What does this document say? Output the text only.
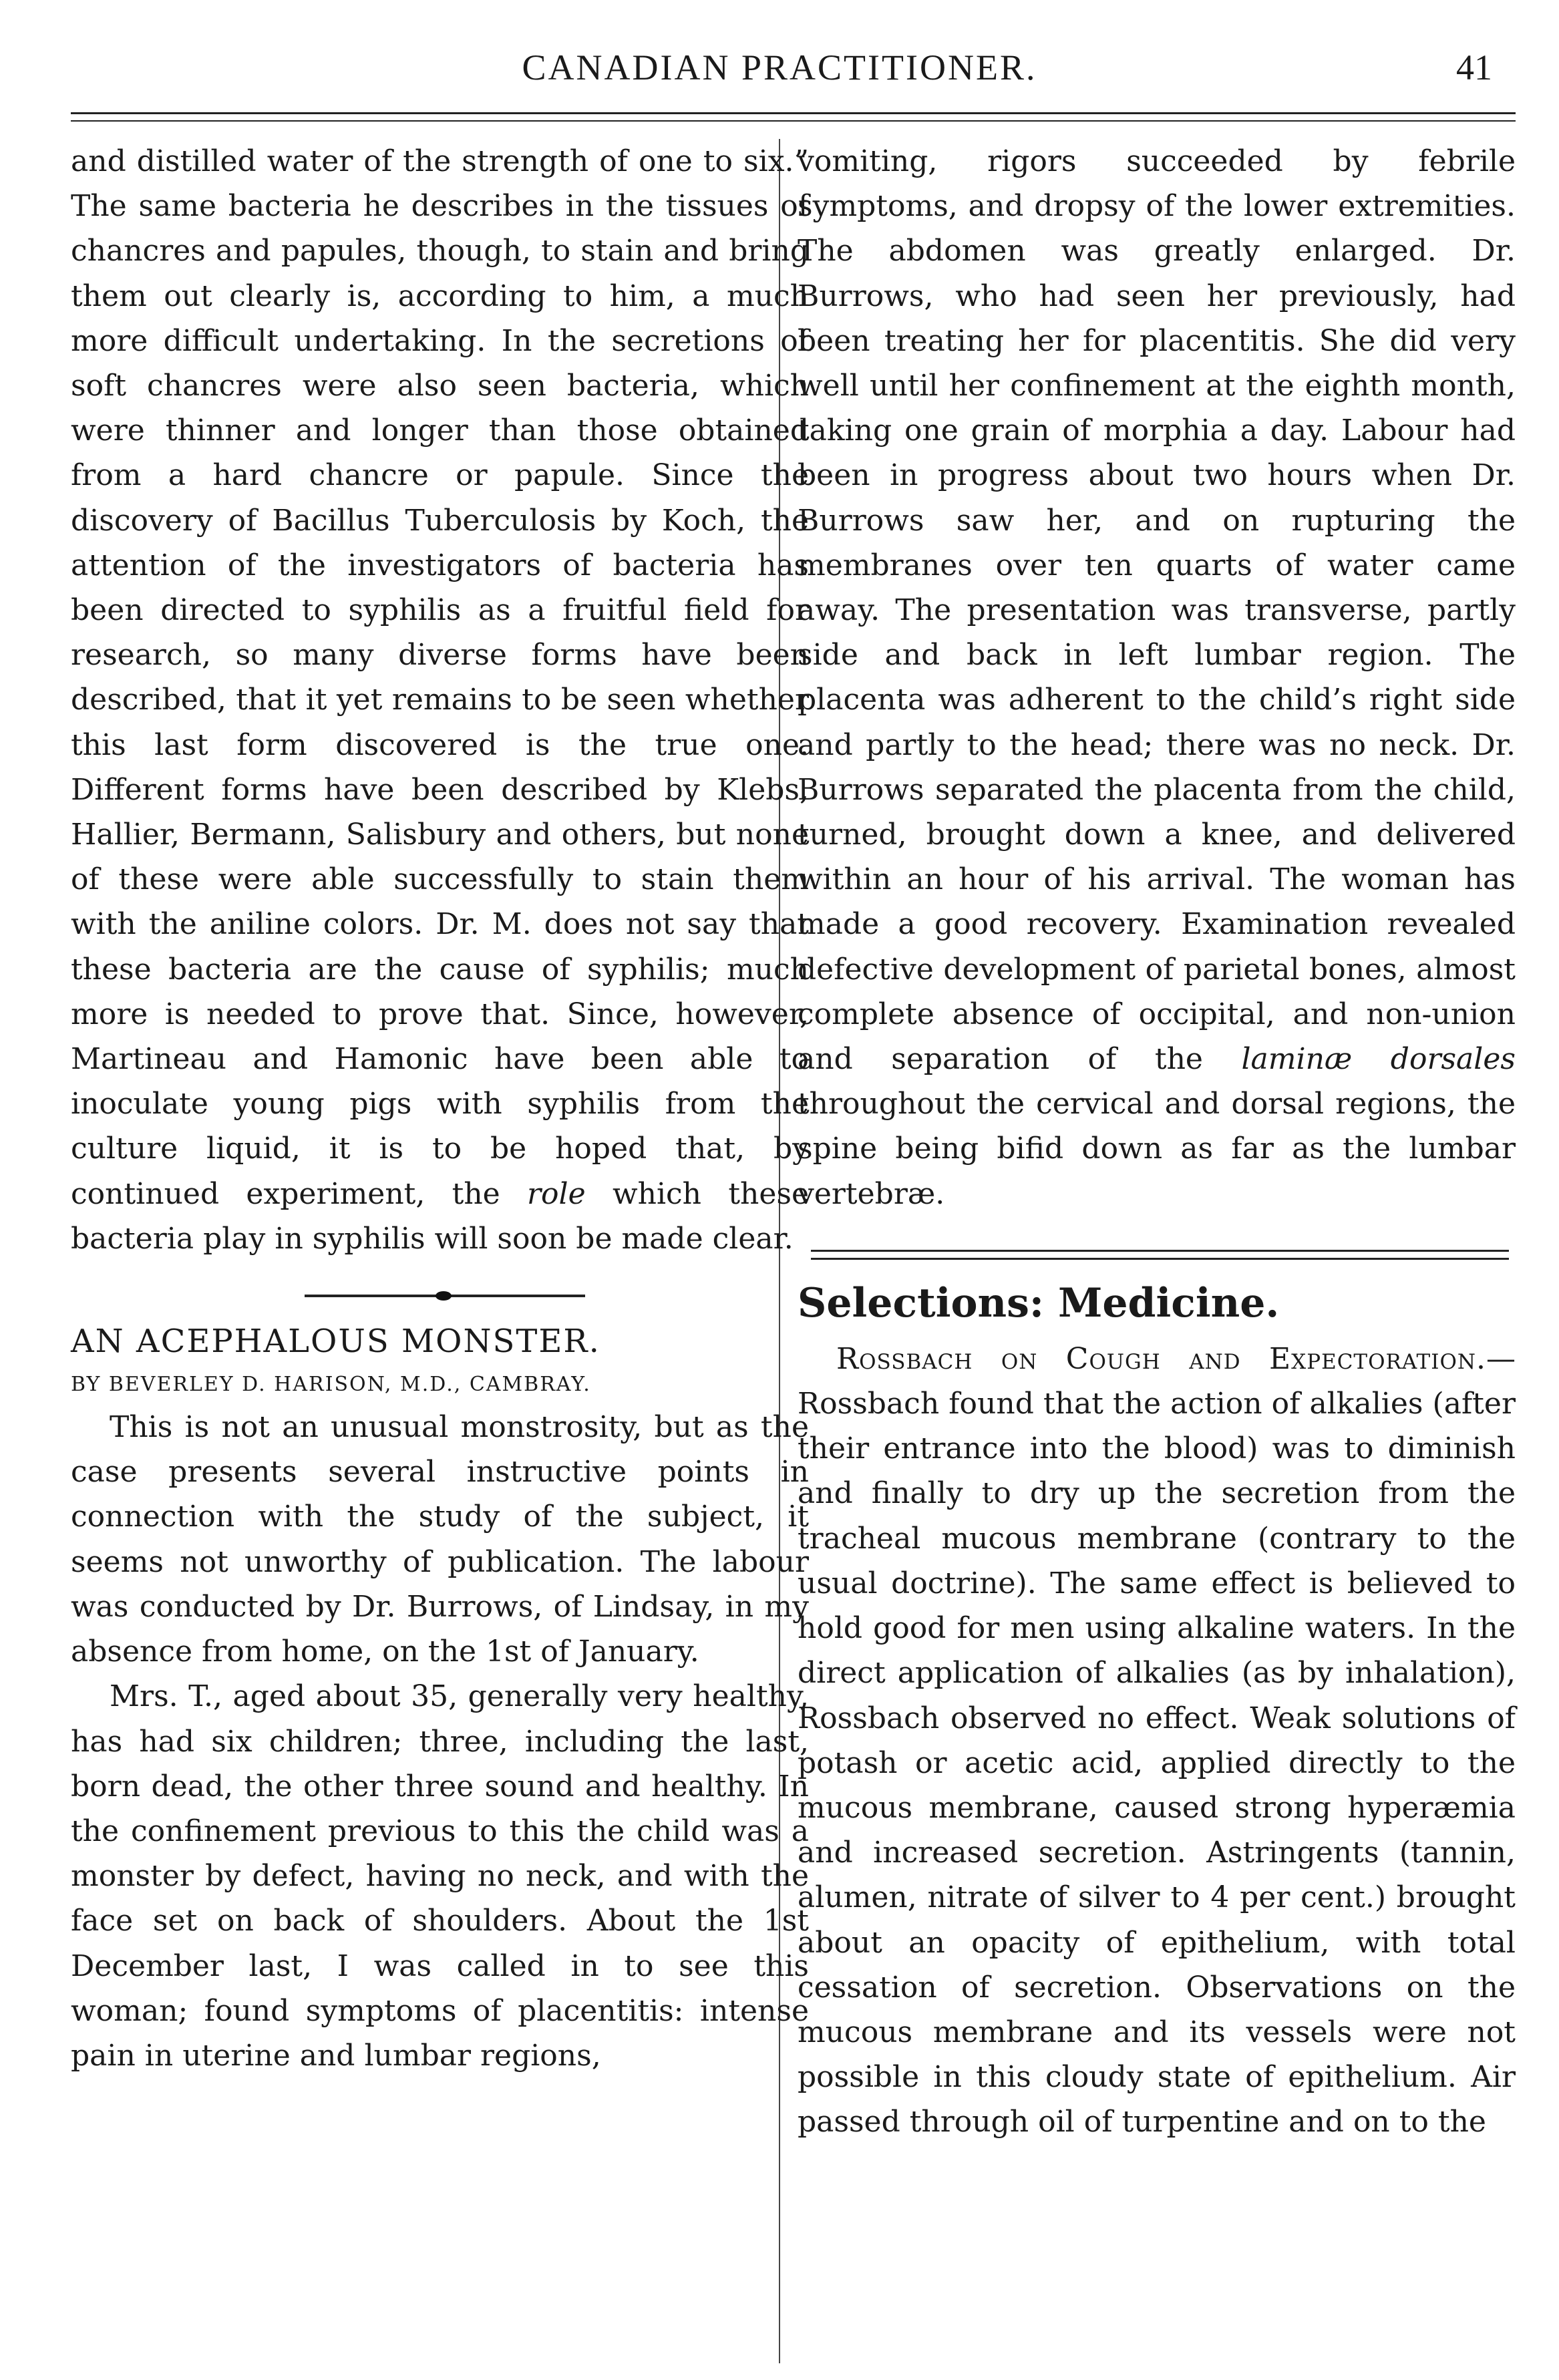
CANADIAN PRACTITIONER.	41

and distilled water of the strength of one to six.” The same bacteria he describes in the tissues of chancres and papules, though, to stain and bring them out clearly is, according to him, a much more difficult undertaking. In the secretions of soft chancres were also seen bacteria, which were thinner and longer than those obtained from a hard chancre or papule. Since the discovery of Bacillus Tuberculosis by Koch, the attention of the investigators of bacteria has been directed to syphilis as a fruitful field for research, so many diverse forms have been described, that it yet remains to be seen whether this last form discovered is the true one. Different forms have been described by Klebs, Hallier, Bermann, Salisbury and others, but none of these were able successfully to stain them with the aniline colors. Dr. M. does not say that these bacteria are the cause of syphilis; much more is needed to prove that. Since, however, Martineau and Hamonic have been able to inoculate young pigs with syphilis from the culture liquid, it is to be hoped that, by continued experiment, the role which these bacteria play in syphilis will soon be made clear.

AN ACEPHALOUS MONSTER.

BY BEVERLEY D. HARISON, M.D., CAMBRAY.

This is not an unusual monstrosity, but as the case presents several instructive points in connection with the study of the subject, it seems not unworthy of publication. The labour was conducted by Dr. Burrows, of Lindsay, in my absence from home, on the 1st of January.

Mrs. T., aged about 35, generally very healthy, has had six children; three, including the last, born dead, the other three sound and healthy. In the confinement previous to this the child was a monster by defect, having no neck, and with the face set on back of shoulders. About the 1st December last, I was called in to see this woman; found symptoms of placentitis: intense pain in uterine and lumbar regions,

vomiting, rigors succeeded by febrile symptoms, and dropsy of the lower extremities. The abdomen was greatly enlarged. Dr. Burrows, who had seen her previously, had been treating her for placentitis. She did very well until her confinement at the eighth month, taking one grain of morphia a day. Labour had been in progress about two hours when Dr. Burrows saw her, and on rupturing the membranes over ten quarts of water came away. The presentation was transverse, partly side and back in left lumbar region. The placenta was adherent to the child’s right side and partly to the head; there was no neck. Dr. Burrows separated the placenta from the child, turned, brought down a knee, and delivered within an hour of his arrival. The woman has made a good recovery. Examination revealed defective development of parietal bones, almost complete absence of occipital, and non-union and separation of the laminæ dorsales throughout the cervical and dorsal regions, the spine being bifid down as far as the lumbar vertebræ.

Selections: Medicine.

Rossbach on Cough and Expectoration.—Rossbach found that the action of alkalies (after their entrance into the blood) was to diminish and finally to dry up the secretion from the tracheal mucous membrane (contrary to the usual doctrine). The same effect is believed to hold good for men using alkaline waters. In the direct application of alkalies (as by inhalation), Rossbach observed no effect. Weak solutions of potash or acetic acid, applied directly to the mucous membrane, caused strong hyperæmia and increased secretion. Astringents (tannin, alumen, nitrate of silver to 4 per cent.) brought about an opacity of epithelium, with total cessation of secretion. Observations on the mucous membrane and its vessels were not possible in this cloudy state of epithelium. Air passed through oil of turpentine and on to the
